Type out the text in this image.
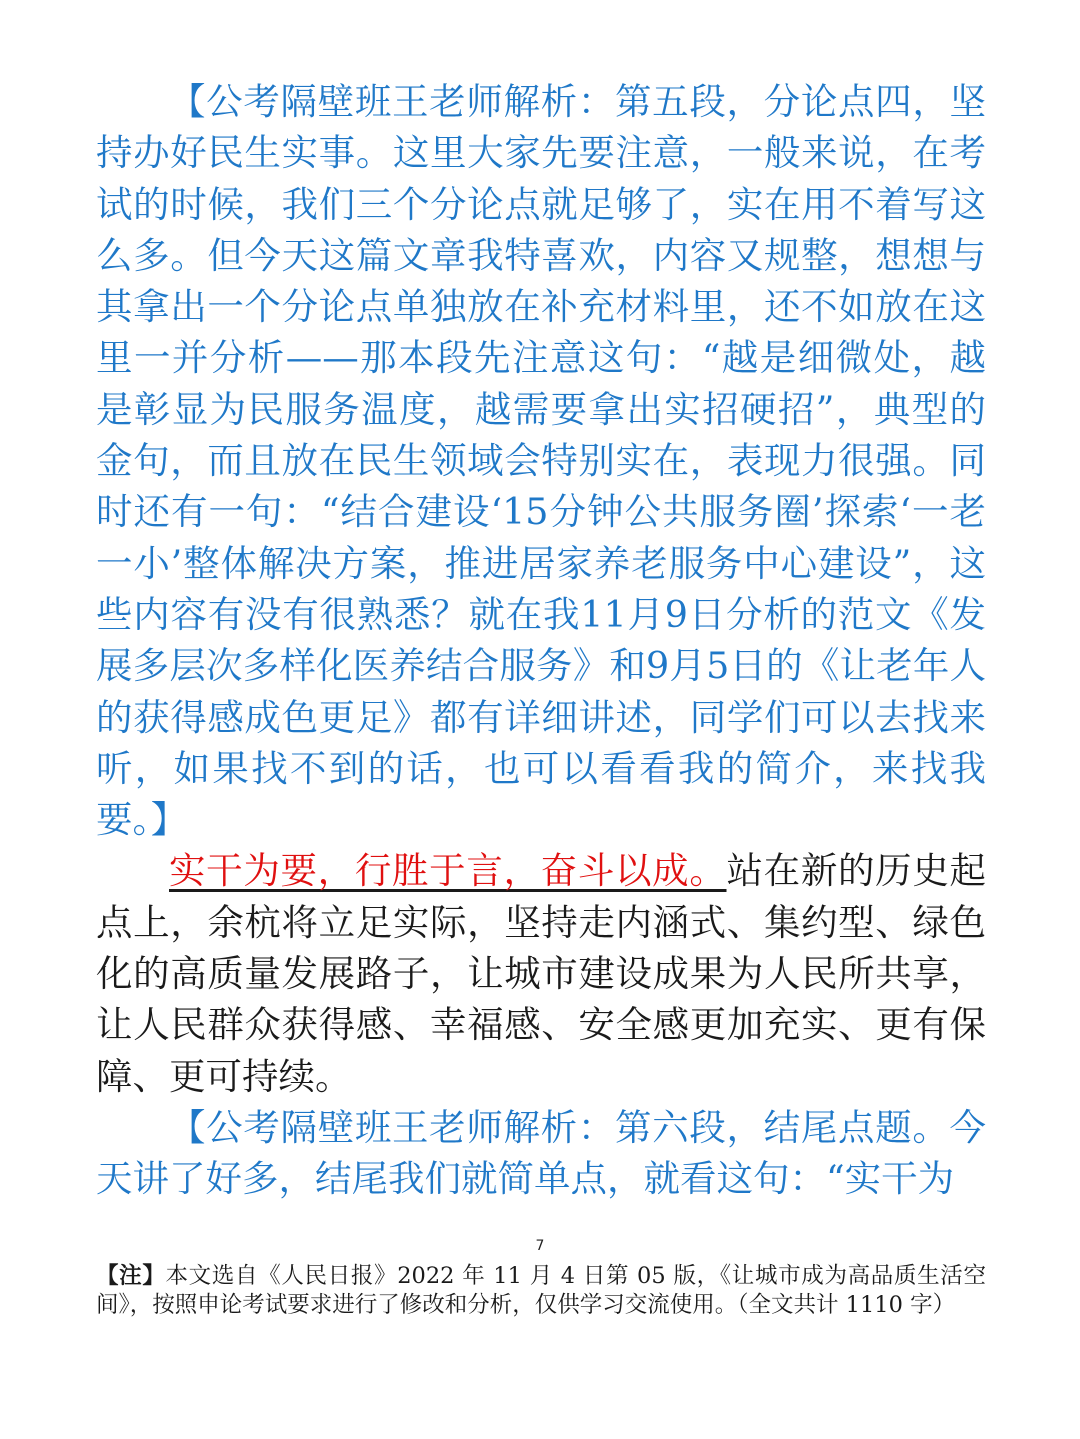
【公考隔壁班王老师解析：第五段，分论点四，坚持办好民生实事。这里大家先要注意，一般来说，在考试的时候，我们三个分论点就足够了，实在用不着写这么多。但今天这篇文章我特喜欢，内容又规整，想想与其拿出一个分论点单独放在补充材料里，还不如放在这里一并分析——那本段先注意这句：“越是细微处，越是彰显为民服务温度，越需要拿出实招硬招”，典型的金句，而且放在民生领域会特别实在，表现力很强。同时还有一句：“结合建设‘15分钟公共服务圈’探索‘一老一小’整体解决方案，推进居家养老服务中心建设”，这些内容有没有很熟悉？就在我11月9日分析的范文《发展多层次多样化医养结合服务》和9月5日的《让老年人的获得感成色更足》都有详细讲述，同学们可以去找来听，如果找不到的话，也可以看看我的简介，来找我要。】

实干为要，行胜于言，奋斗以成。站在新的历史起点上，余杭将立足实际，坚持走内涵式、集约型、绿色化的高质量发展路子，让城市建设成果为人民所共享，让人民群众获得感、幸福感、安全感更加充实、更有保障、更可持续。

【公考隔壁班王老师解析：第六段，结尾点题。今天讲了好多，结尾我们就简单点，就看这句：“实干为

7

【注】本文选自《人民日报》2022 年 11 月 4 日第 05 版，《让城市成为高品质生活空间》，按照申论考试要求进行了修改和分析，仅供学习交流使用。（全文共计 1110 字）
